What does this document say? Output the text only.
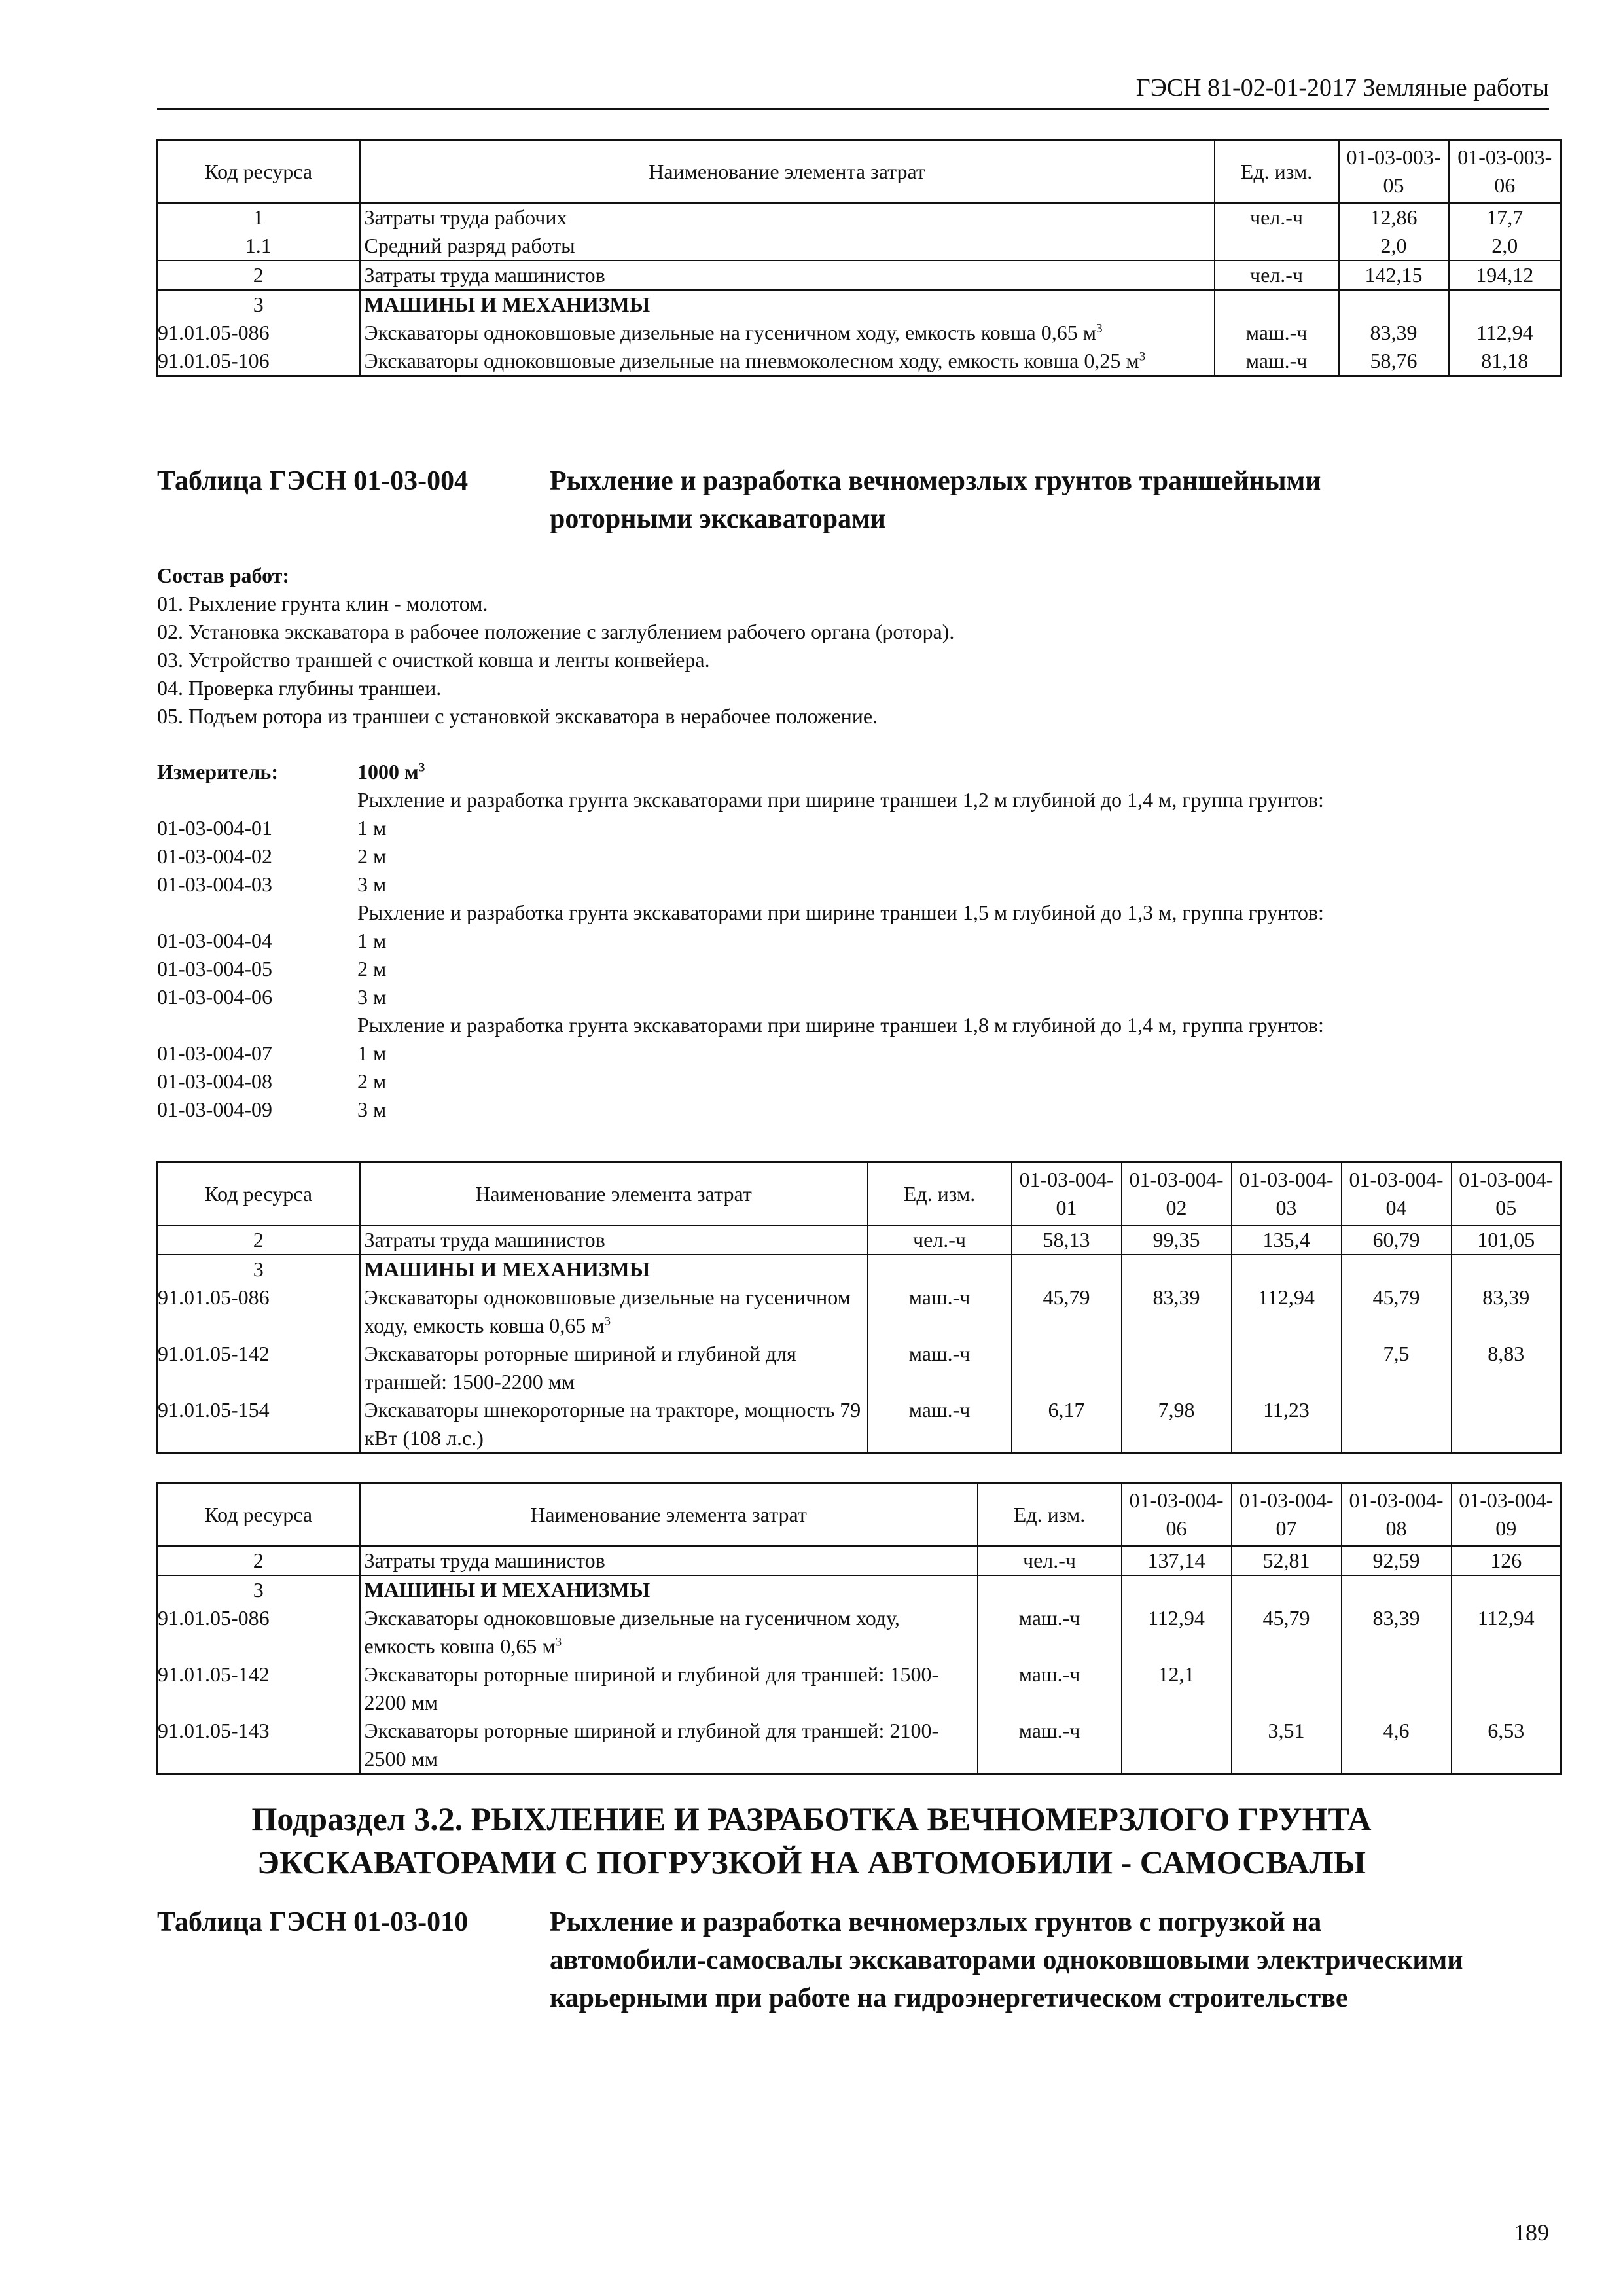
ГЭСН 81-02-01-2017 Земляные работы
Код ресурса	Наименование элемента затрат	Ед. изм.	01-03-003-05	01-03-003-06
1	Затраты труда рабочих	чел.-ч	12,86	17,7
1.1	Средний разряд работы		2,0	2,0
2	Затраты труда машинистов	чел.-ч	142,15	194,12
3	МАШИНЫ И МЕХАНИЗМЫ			
91.01.05-086	Экскаваторы одноковшовые дизельные на гусеничном ходу, емкость ковша 0,65 $м^3$	маш.-ч	83,39	112,94
91.01.05-106	Экскаваторы одноковшовые дизельные на пневмоколесном ходу, емкость ковша 0,25 $м^3$	маш.-ч	58,76	81,18
Таблица ГЭСН 01-03-004	Рыхление и разработка вечномерзлых грунтов траншейными роторными экскаваторами
Состав работ:
01. Рыхление грунта клин - молотом.
02. Установка экскаватора в рабочее положение с заглублением рабочего органа (ротора).
03. Устройство траншей с очисткой ковша и ленты конвейера.
04. Проверка глубины траншеи.
05. Подъем ротора из траншеи с установкой экскаватора в нерабочее положение.
Измеритель:	1000 $м^3$
Рыхление и разработка грунта экскаваторами при ширине траншеи 1,2 м глубиной до 1,4 м, группа грунтов:
01-03-004-01	1 м
01-03-004-02	2 м
01-03-004-03	3 м
Рыхление и разработка грунта экскаваторами при ширине траншеи 1,5 м глубиной до 1,3 м, группа грунтов:
01-03-004-04	1 м
01-03-004-05	2 м
01-03-004-06	3 м
Рыхление и разработка грунта экскаваторами при ширине траншеи 1,8 м глубиной до 1,4 м, группа грунтов:
01-03-004-07	1 м
01-03-004-08	2 м
01-03-004-09	3 м
Код ресурса	Наименование элемента затрат	Ед. изм.	01-03-004-01	01-03-004-02	01-03-004-03	01-03-004-04	01-03-004-05
2	Затраты труда машинистов	чел.-ч	58,13	99,35	135,4	60,79	101,05
3	МАШИНЫ И МЕХАНИЗМЫ						
91.01.05-086	Экскаваторы одноковшовые дизельные на гусеничном ходу, емкость ковша 0,65 $м^3$	маш.-ч	45,79	83,39	112,94	45,79	83,39
91.01.05-142	Экскаваторы роторные шириной и глубиной для траншей: 1500-2200 мм	маш.-ч				7,5	8,83
91.01.05-154	Экскаваторы шнекороторные на тракторе, мощность 79 кВт (108 л.с.)	маш.-ч	6,17	7,98	11,23		
Код ресурса	Наименование элемента затрат	Ед. изм.	01-03-004-06	01-03-004-07	01-03-004-08	01-03-004-09
2	Затраты труда машинистов	чел.-ч	137,14	52,81	92,59	126
3	МАШИНЫ И МЕХАНИЗМЫ					
91.01.05-086	Экскаваторы одноковшовые дизельные на гусеничном ходу, емкость ковша 0,65 $м^3$	маш.-ч	112,94	45,79	83,39	112,94
91.01.05-142	Экскаваторы роторные шириной и глубиной для траншей: 1500-2200 мм	маш.-ч	12,1			
91.01.05-143	Экскаваторы роторные шириной и глубиной для траншей: 2100-2500 мм	маш.-ч		3,51	4,6	6,53
Подраздел 3.2. РЫХЛЕНИЕ И РАЗРАБОТКА ВЕЧНОМЕРЗЛОГО ГРУНТА
ЭКСКАВАТОРАМИ С ПОГРУЗКОЙ НА АВТОМОБИЛИ - САМОСВАЛЫ
Таблица ГЭСН 01-03-010	Рыхление и разработка вечномерзлых грунтов с погрузкой на автомобили-самосвалы экскаваторами одноковшовыми электрическими карьерными при работе на гидроэнергетическом строительстве
189
